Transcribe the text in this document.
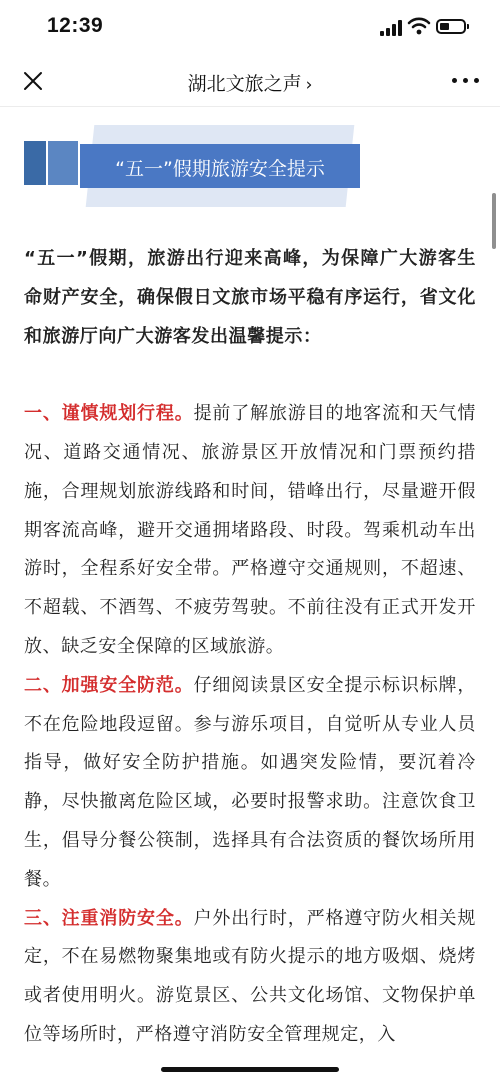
12:39
湖北文旅之声 ›
“五一”假期旅游安全提示

“五一”假期，旅游出行迎来高峰，为保障广大游客生命财产安全，确保假日文旅市场平稳有序运行，省文化和旅游厅向广大游客发出温馨提示：

一、谨慎规划行程。提前了解旅游目的地客流和天气情况、道路交通情况、旅游景区开放情况和门票预约措施，合理规划旅游线路和时间，错峰出行，尽量避开假期客流高峰，避开交通拥堵路段、时段。驾乘机动车出游时，全程系好安全带。严格遵守交通规则，不超速、不超载、不酒驾、不疲劳驾驶。不前往没有正式开发开放、缺乏安全保障的区域旅游。

二、加强安全防范。仔细阅读景区安全提示标识标牌，不在危险地段逗留。参与游乐项目，自觉听从专业人员指导，做好安全防护措施。如遇突发险情，要沉着冷静，尽快撤离危险区域，必要时报警求助。注意饮食卫生，倡导分餐公筷制，选择具有合法资质的餐饮场所用餐。

三、注重消防安全。户外出行时，严格遵守防火相关规定，不在易燃物聚集地或有防火提示的地方吸烟、烧烤或者使用明火。游览景区、公共文化场馆、文物保护单位等场所时，严格遵守消防安全管理规定，入
